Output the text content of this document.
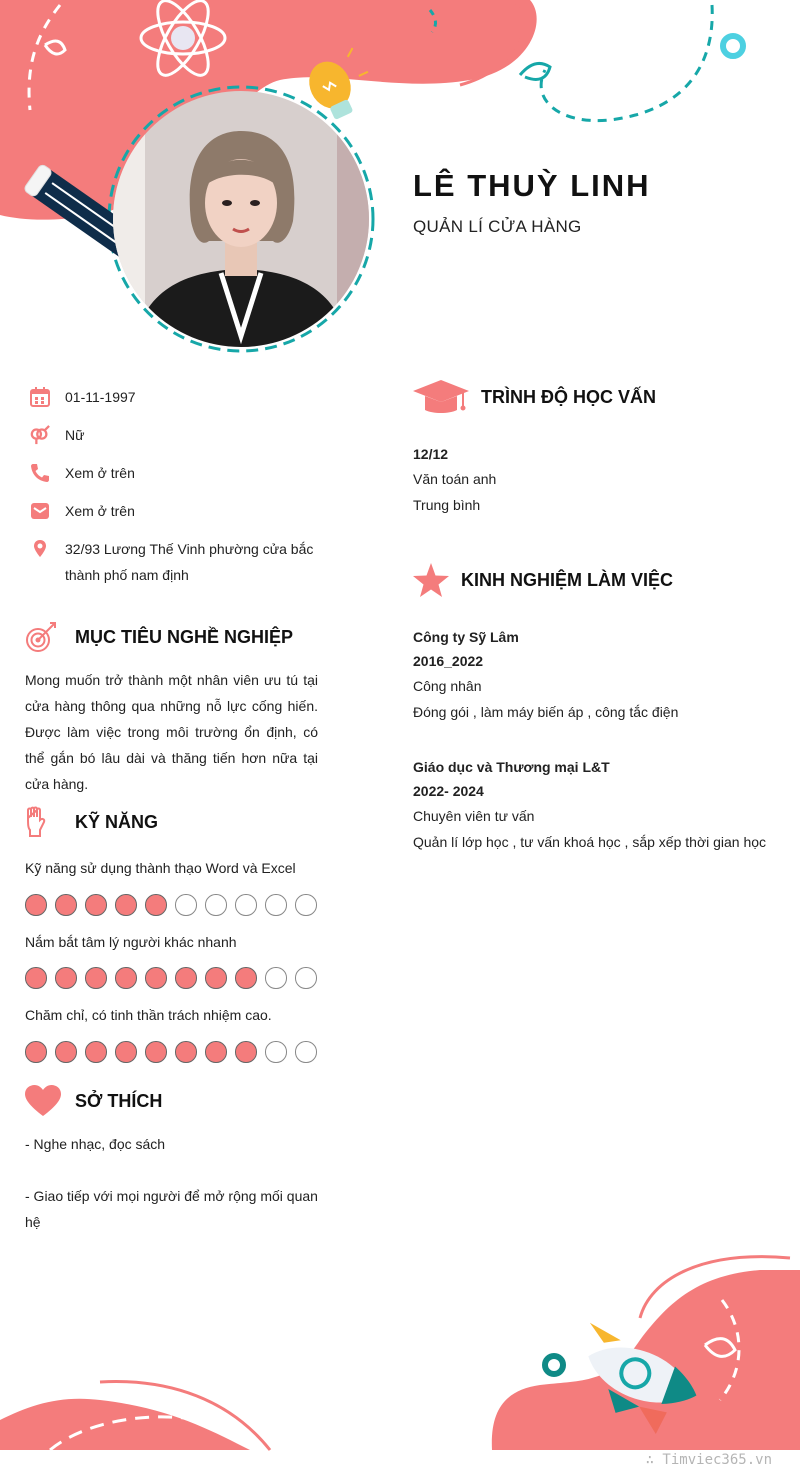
LÊ THUỲ LINH
QUẢN LÍ CỬA HÀNG
01-11-1997
Nữ
Xem ở trên
Xem ở trên
32/93 Lương Thế Vinh phường cửa bắc thành phố nam định
MỤC TIÊU NGHỀ NGHIỆP

Mong muốn trở thành một nhân viên ưu tú tại cửa hàng thông qua những nỗ lực cống hiến. Được làm việc trong môi trường ổn định, có thể gắn bó lâu dài và thăng tiến hơn nữa tại cửa hàng.

KỸ NĂNG
Kỹ năng sử dụng thành thạo Word và Excel
Nắm bắt tâm lý người khác nhanh
Chăm chỉ, có tinh thần trách nhiệm cao.
SỞ THÍCH

- Nghe nhạc, đọc sách

- Giao tiếp với mọi người để mở rộng mối quan hệ

TRÌNH ĐỘ HỌC VẤN

12/12

Văn toán anh

Trung bình

KINH NGHIỆM LÀM VIỆC

Công ty Sỹ Lâm

2016_2022

Công nhân

Đóng gói , làm máy biến áp , công tắc điện

Giáo dục và Thương mại L&T

2022- 2024

Chuyên viên tư vấn

Quản lí lớp học , tư vấn khoá học , sắp xếp thời gian học

∴ Timviec365.vn
